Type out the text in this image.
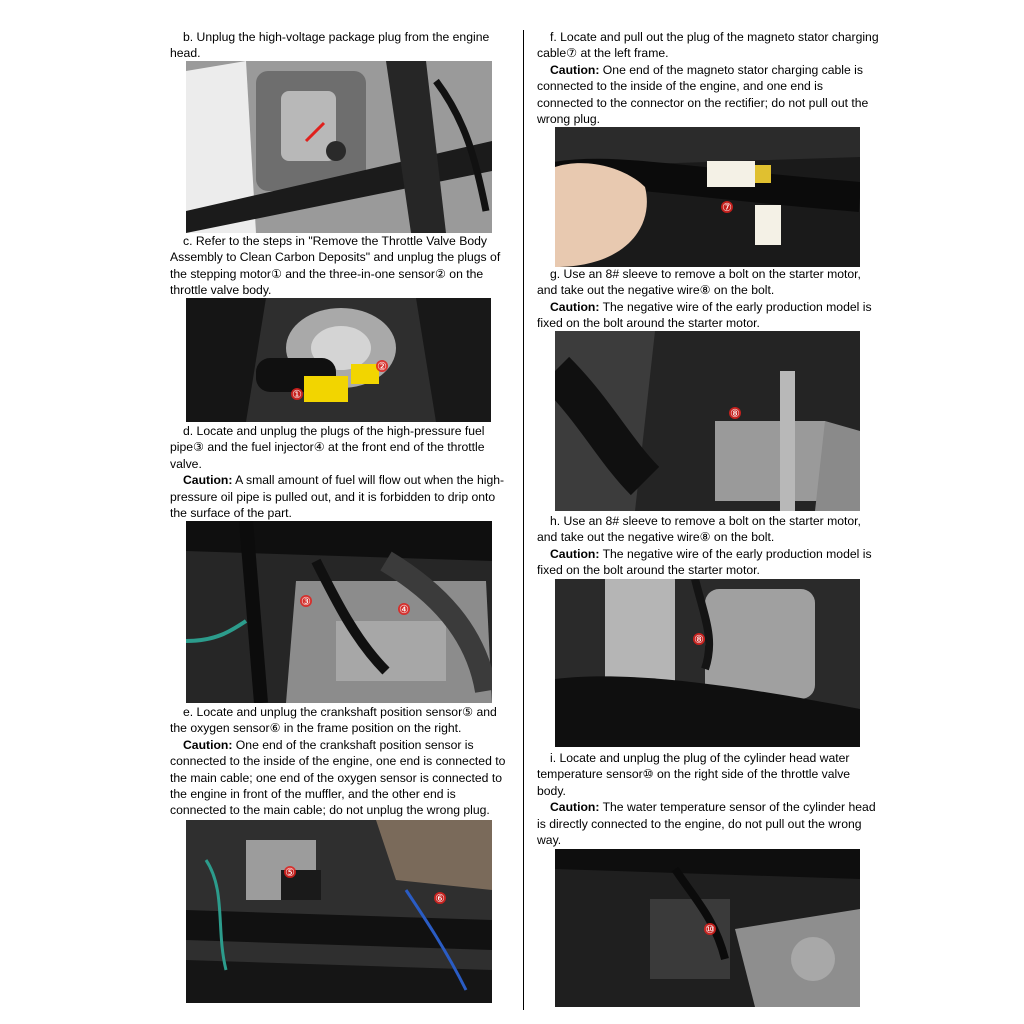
b. Unplug the high-voltage package plug from the engine head.

c. Refer to the steps in "Remove the Throttle Valve Body Assembly to Clean Carbon Deposits" and unplug the plugs of the stepping motor① and the three-in-one sensor② on the throttle valve body.

①
②

d. Locate and unplug the plugs of the high-pressure fuel pipe③ and the fuel injector④ at the front end of the throttle valve.
Caution: A small amount of fuel will flow out when the high-pressure oil pipe is pulled out, and it is forbidden to drip onto the surface of the part.

③
④

e. Locate and unplug the crankshaft position sensor⑤ and the oxygen sensor⑥ in the frame position on the right.
Caution: One end of the crankshaft position sensor is connected to the inside of the engine, one end is connected to the main cable; one end of the oxygen sensor is connected to the engine in front of the muffler, and the other end is connected to the main cable; do not unplug the wrong plug.

⑤
⑥

f. Locate and pull out the plug of the magneto stator charging cable⑦ at the left frame.
Caution: One end of the magneto stator charging cable is connected to the inside of the engine, and one end is connected to the connector on the rectifier; do not pull out the wrong plug.

⑦

g. Use an 8# sleeve to remove a bolt on the starter motor, and take out the negative wire⑧ on the bolt.
Caution: The negative wire of the early production model is fixed on the bolt around the starter motor.

⑧

h. Use an 8# sleeve to remove a bolt on the starter motor, and take out the negative wire⑧ on the bolt.
Caution: The negative wire of the early production model is fixed on the bolt around the starter motor.

⑧

i. Locate and unplug the plug of the cylinder head water temperature sensor⑩ on the right side of the throttle valve body.
Caution: The water temperature sensor of the cylinder head is directly connected to the engine, do not pull out the wrong way.

⑩
